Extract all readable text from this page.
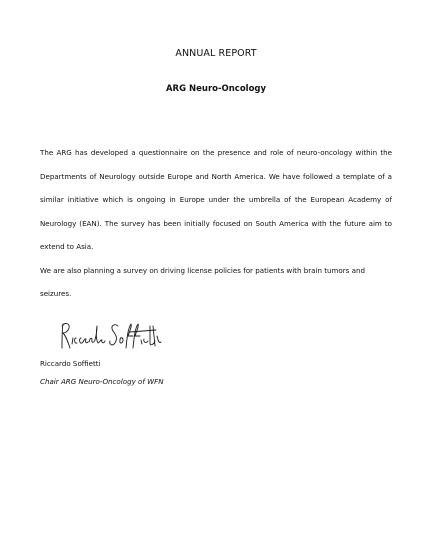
ANNUAL REPORT
ARG Neuro-Oncology

The ARG has developed a questionnaire on the presence and role of neuro-oncology within the Departments of Neurology outside Europe and North America. We have followed a template of a similar initiative which is ongoing in Europe under the umbrella of the European Academy of Neurology (EAN). The survey has been initially focused on South America with the future aim to extend to Asia.

We are also planning a survey on driving license policies for patients with brain tumors and seizures.

Riccardo Soffietti
Chair ARG Neuro-Oncology of WFN
